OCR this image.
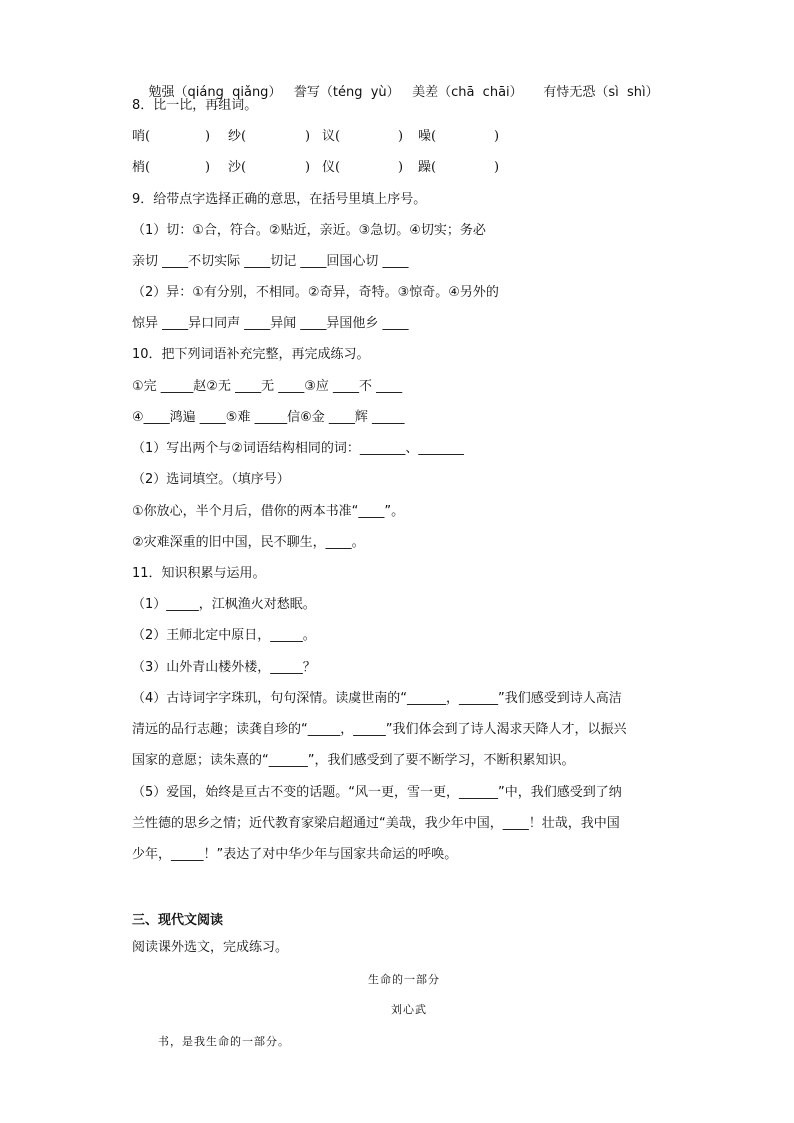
勉强（qiáng  qiǎng） 誊写（téng  yù） 美差（chā  chāi） 有恃无恐（sì  shì）

8．比一比，再组词。
哨(	) 纱(	) 议(	) 噪(	)
梢(	) 沙(	) 仪(	) 躁(	)
9．给带点字选择正确的意思，在括号里填上序号。
（1）切：①合，符合。②贴近，亲近。③急切。④切实；务必
亲切 ____不切实际 ____切记 ____回国心切 ____
（2）异：①有分别，不相同。②奇异，奇特。③惊奇。④另外的
惊异 ____异口同声 ____异闻 ____异国他乡 ____
10．把下列词语补充完整，再完成练习。
①完 _____赵②无 ____无 ____③应 ____不 ____
④____鸿遍 ____⑤难 _____信⑥金 ____辉 _____
（1）写出两个与②词语结构相同的词：_______、_______
（2）选词填空。（填序号）
①你放心，半个月后，借你的两本书准“____”。
②灾难深重的旧中国，民不聊生，____。
11．知识积累与运用。
（1）_____，江枫渔火对愁眠。
（2）王师北定中原日，_____。
（3）山外青山楼外楼，_____？
（4）古诗词字字珠玑，句句深情。读虞世南的“______，______”我们感受到诗人高洁
清远的品行志趣；读龚自珍的“_____，_____”我们体会到了诗人渴求天降人才，以振兴
国家的意愿；读朱熹的“______”，我们感受到了要不断学习，不断积累知识。
（5）爱国，始终是亘古不变的话题。“风一更，雪一更，______”中，我们感受到了纳
兰性德的思乡之情；近代教育家梁启超通过“美哉，我少年中国，____！壮哉，我中国
少年，_____！”表达了对中华少年与国家共命运的呼唤。
三、现代文阅读
阅读课外选文，完成练习。
生命的一部分
刘心武
书，是我生命的一部分。
